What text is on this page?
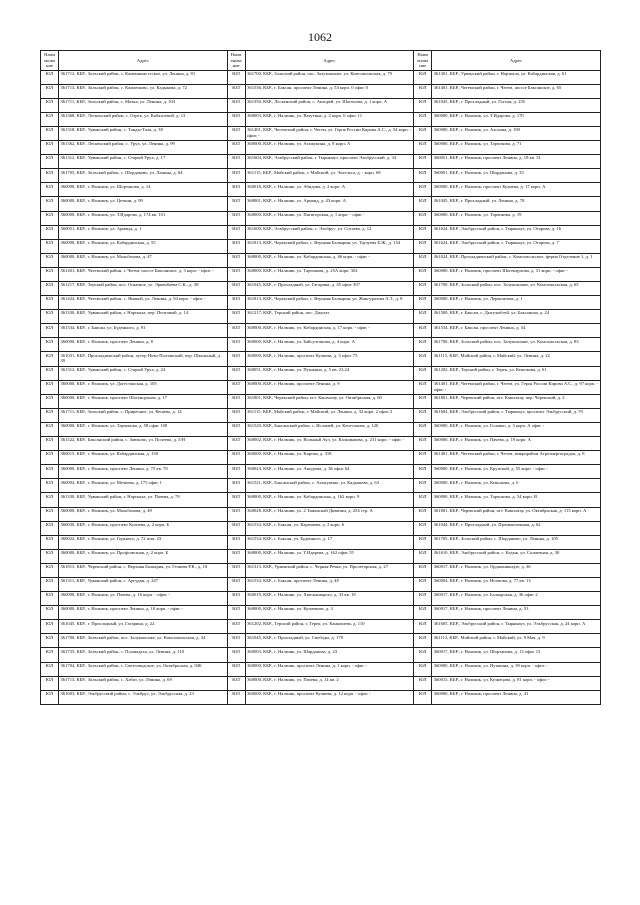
1062
Наим енова ние	Адрес	Наим енова ние	Адрес	Наим енова ние	Адрес
ЮЛ	361712, КБР., Зольский район, с. Каменномостское, ул. Ленина, д. 81	ЮЛ	361700, КБР., Зольский район, пос. Залукокоаже, ул. Комсомольская, д. 79	ЮЛ	361301, КБР., Урванский район, г. Нарткала, ул. Кабардинская, д. 61
ЮЛ	361713, КБР., Зольский район, с. Камлюково, ул. Кадыкова, д. 72	ЮЛ	361536, КБР., г. Баксан, проспект Ленина, д. 54 корп. 0 офис 0	ЮЛ	361401, КБР., Чегемский район, г. Чегем, шоссе Баксанское, д. 65
ЮЛ	361711, КБР., Зольский район, с. Малка, ул. Ленина, д. 104	ЮЛ	361350, КБР., Лескенский район, с. Анзорей, ул. Шогенова, д. 1 корп. А	ЮЛ	361045, КБР., г. Прохладный, ул. Гоголя, д. 235
ЮЛ	361368, КБР., Лескенский район, с. Озрек, ул. Кабалоевой, д. 13	ЮЛ	360003, КБР., г. Нальчик, ул. Ватутина, д. 2 корп. 6 офис 11	ЮЛ	360000, КБР., г. Нальчик, ул. Т.Идарова, д. 170
ЮЛ	361318, КБР., Урванский район, с. Танды-Тала, д. 38	ЮЛ	361401, КБР., Чегемский район, г. Чегем, ул. Героя России Кирова А.С., д. 54 корп. - офис -	ЮЛ	360000, КБР., г. Нальчик, ул. Ахохова, д. 190
ЮЛ	361362, КБР., Лескенский район, с. Урух, ул. Ленина, д. 99	ЮЛ	360000, КБР., г. Нальчик, ул. Атажукина, д. 8 корп. А	ЮЛ	360000, КБР., г. Нальчик, ул. Тарчокова, д. 71
ЮЛ	361312, КБР., Урванский район, с. Старый Урух, д. 17	ЮЛ	361604, КБР., Эльбрусский район, г. Тырныауз, проспект Эльбрусский, д. 34	ЮЛ	360051, КБР., г. Нальчик, проспект Ленина, д. 18 кв. 51
ЮЛ	361705, КБР., Зольский район, с. Шордаково, ул. Ленина, д. 64	ЮЛ	361115, КБР., Майский район, г. Майский, ул. Энгельса, д. - корп. 68	ЮЛ	360001, КБР., г. Нальчик, ул. Шарданова, д. 33
ЮЛ	360000, КБР., г. Нальчик, ул. Шортанова, д. 14	ЮЛ	360016, КБР., г. Нальчик, ул. Абидова, д. 2 корп. А	ЮЛ	360000, КБР., г. Нальчик, проспект Кулиева, д. 17 корп. А
ЮЛ	360000, КБР., г. Нальчик, ул. Цеткин, д. 99	ЮЛ	360001, КБР., г. Нальчик, ул. Арманд, д. 43 корп. А	ЮЛ	361045, КБР., г. Прохладный, ул. Ленина, д. 78
ЮЛ	360000, КБР., г. Нальчик, ул. Т.Идарова, д. 174 кв. 101	ЮЛ	360000, КБР., г. Нальчик, ул. Пятигорская, д. 1 корп. - офис -	ЮЛ	360000, КБР., г. Нальчик, ул. Тарчокова, д. 19
ЮЛ	360051, КБР., г. Нальчик, ул. Арманд, д. 1	ЮЛ	361600, КБР., Эльбрусский район, с. Эльбрус, ул. Согаева, д. 12	ЮЛ	361624, КБР., Эльбрусский район, г. Тырныауз, ул. Отарова, д. 16
ЮЛ	360000, КБР., г. Нальчик, ул. Кабардинская, д. 55	ЮЛ	361813, КБР., Черекский район, с. Верхняя Балкария, ул. Таулуева Б.Ж., д. 154	ЮЛ	361624, КБР., Эльбрусский район, г. Тырныауз, ул. Отарова, д. 7
ЮЛ	360000, КБР., г. Нальчик, ул. Мальбахова, д. 47	ЮЛ	360000, КБР., г. Нальчик, ул. Кабардинская, д. 66 корп. - офис -	ЮЛ	361024, КБР., Прохладненский район, с. Комсомольское, ферма Отделение 1, д. 1
ЮЛ	361401, КБР., Чегемский район, г. Чегем, шоссе Баксанское, д. 3 корп. - офис -	ЮЛ	360000, КБР., г. Нальчик, ул. Тарчокова, д. 25А корп. 302	ЮЛ	360000, КБР., г. Нальчик, проспект Шогенцукова, д. 31 корп. - офис -
ЮЛ	361217, КБР., Терский район, пос. Опытное, ул. Эркенбаева С.К., д. 38	ЮЛ	361045, КБР., г. Прохладный, ул. Гагарина, д. 45 офис 307	ЮЛ	361700, КБР., Зольский район, пос. Залукокоаже, ул. Комсомольская, д. 65
ЮЛ	361424, КБР., Чегемский район, с. Яникой, ул. Ленина, д. 94 корп. - офис -	ЮЛ	361813, КБР., Черекский район, с. Верхняя Балкария, ул. Жангуразова А.Т., д. 8	ЮЛ	360000, КБР., г. Нальчик, ул. Лермонтова, д. 1
ЮЛ	361330, КБР., Урванский район, г. Нарткала, пер. Почтовый, д. 14	ЮЛ	361217, КБР., Терский район, пос. Джулат	ЮЛ	361500, КБР., г. Баксан, с. Дыгулыбгей, ул. Баксанова, д. 24
ЮЛ	361534, КБР., г. Баксан, ул. Буденного, д. 91	ЮЛ	360000, КБР., г. Нальчик, ул. Кабардинская, д. 17 корп. - офис -	ЮЛ	361534, КБР., г. Баксан, проспект Ленина, д. 54
ЮЛ	360000, КБР., г. Нальчик, проспект Ленина, д. 8	ЮЛ	360000, КБР., г. Нальчик, ул. Байсултанова, д. 4 корп. А	ЮЛ	361700, КБР., Зольский район, пос. Залукокоаже, ул. Комсомольская, д. 83
ЮЛ	361031, КБР., Прохладненский район, хутор Ново-Полтавский, пер. Школьный, д. 39	ЮЛ	360000, КБР., г. Нальчик, проспект Кулиева, д. 3 офис 75	ЮЛ	361115, КБР., Майский район, г. Майский, ул. Ленина, д. 22
ЮЛ	361312, КБР., Урванский район, с. Старый Урух, д. 24	ЮЛ	360051, КБР., г. Нальчик, ул. Пушкина, д. 5 кв. 23,24	ЮЛ	361202, КБР., Терский район, г. Терек, ул. Кешокова, д. 61
ЮЛ	360000, КБР., г. Нальчик, ул. Дагестанская, д. 105	ЮЛ	360000, КБР., г. Нальчик, проспект Ленина, д. 9	ЮЛ	361401, КБР., Чегемский район, г. Чегем, ул. Героя России Кирова А.С., д. 97 корп. - офис -
ЮЛ	360000, КБР., г. Нальчик, проспект Шогенцукова, д. 17	ЮЛ	361801, КБР., Черекский район, пгт. Кашхатау, ул. Октябрьская, д. 60	ЮЛ	361801, КБР., Черекский район, пгт. Кашхатау, пер. Черекский, д. 2
ЮЛ	361711, КБР., Зольский район, с. Приречное, ул. Кешева, д. 14	ЮЛ	361115, КБР., Майский район, г. Майский, ул. Ленина, д. 32 корп. 2 офис 2	ЮЛ	361604, КБР., Эльбрусский район, г. Тырныауз, проспект Эльбрусский, д. 70
ЮЛ	360000, КБР., г. Нальчик, ул. Тарчокова, д. 58 офис 100	ЮЛ	361520, КБР., Баксанский район, с. Исламей, ул. Кочесокова, д. 120	ЮЛ	360000, КБР., г. Нальчик, ул. Головко, д. 3 корп. А офис -
ЮЛ	361522, КБР., Баксанский район, с. Заюково, ул. Полеева, д. 5/Н	ЮЛ	360002, КБР., г. Нальчик, ул. Вольный Аул, ул. Кальмыкова, д. 231 корп. - офис -	ЮЛ	360000, КБР., г. Нальчик, ул. Пачева, д. 19 корп. А
ЮЛ	360015, КБР., г. Нальчик, ул. Кабардинская, д. 158	ЮЛ	360000, КБР., г. Нальчик, ул. Кирова, д. 318	ЮЛ	361401, КБР., Чегемский район, г. Чегем, микрорайон Агроэнергоградок, д. 8
ЮЛ	360000, КБР., г. Нальчик, проспект Ленина, д. 75 кв. 78	ЮЛ	360024, КБР., г. Нальчик, ул. Ашурова, д. 36 офис 64	ЮЛ	360000, КБР., г. Нальчик, ул. Крупской, д. 55 корп. - офис -
ЮЛ	360004, КБР., г. Нальчик, ул. Мечиева, д. 175 офис 1	ЮЛ	361521, КБР., Баксанский район, с. Атажукино, ул. Кадышева, д. 63	ЮЛ	360000, КБР., г. Нальчик, ул. Кешокова, д. 6
ЮЛ	361330, КБР., Урванский район, г. Нарткала, ул. Пачева, д. 78	ЮЛ	360000, КБР., г. Нальчик, ул. Кабардинская, д. 162 корп. 9	ЮЛ	360000, КБР., г. Нальчик, ул. Тарчокова, д. 54 корп. В
ЮЛ	360000, КБР., г. Нальчик, ул. Мальбахова, д. 49	ЮЛ	360028, КБР., г. Нальчик, ул. 2 Таманской Дивизии, д. 254 стр. А	ЮЛ	361801, КБР., Черекский район, пгт. Кашхатау, ул. Октябрьская, д. 113 корп. А
ЮЛ	360030, КБР., г. Нальчик, проспект Кулиева, д. 2 корп. Б	ЮЛ	361534, КБР., г. Баксан, ул. Карачаева, д. 2 корп. 6	ЮЛ	361044, КБР., г. Прохладный, ул. Промышленная, д. 62
ЮЛ	360022, КБР., г. Нальчик, ул. Горького, д. 72 пом. 23	ЮЛ	361534, КБР., г. Баксан, ул. Буденного, д. 17	ЮЛ	361705, КБР., Зольский район, с. Шордаково, ул. Ленина, д. 105
ЮЛ	360000, КБР., г. Нальчик, ул. Профсоюзная, д. 2 корп. Б	ЮЛ	360000, КБР., г. Нальчик, ул. Т.Идарова, д. 162 офис 55	ЮЛ	361610, КБР., Эльбрусский район, с. Бедык, ул. Солнечная, д. 30
ЮЛ	361813, КБР., Черекский район, с. Верхняя Балкария, ул. Геляева Р.К., д. 18	ЮЛ	361313, КБР., Урванский район, с. Черная Речка, ул. Пролетарская, д. 27	ЮЛ	360017, КБР., г. Нальчик, ул. Орджоникидзе, д. 36
ЮЛ	361311, КБР., Урванский район, с. Аргудан, д. 247	ЮЛ	361534, КБР., г. Баксан, проспект Ленина, д. 48	ЮЛ	360004, КБР., г. Нальчик, ул. Ногмова, д. 77 кв. 13
ЮЛ	360000, КБР., г. Нальчик, ул. Пачева, д. 16 корп. - офис -	ЮЛ	360019, КБР., г. Нальчик, ул. Хмельницкого, д. 33 кв. 18	ЮЛ	360017, КБР., г. Нальчик, ул. Балкарская, д. 36 офис 2
ЮЛ	360000, КБР., г. Нальчик, проспект Ленина, д. 10 корп. - офис -	ЮЛ	360000, КБР., г. Нальчик, ул. Кулиевова, д. 3	ЮЛ	360017, КБР., г. Нальчик, проспект Ленина, д. 53
ЮЛ	361045, КБР., г. Прохладный, ул. Гагарина, д. 22	ЮЛ	361202, КБР., Терский район, г. Терек, ул. Канкошева, д. 110	ЮЛ	361605, КБР., Эльбрусский район, г. Тырныауз, ул. Эльбрусская, д. 24 корп. А
ЮЛ	361700, КБР., Зольский район, пос. Залукокоаже, ул. Комсомольская, д. 34	ЮЛ	361045, КБР., г. Прохладный, ул. Свободы, д. 178	ЮЛ	361112, КБР., Майский район, г. Майский, ул. 9 Мая, д. 9
ЮЛ	361725, КБР., Зольский район, с. Псынадаха, ул. Ленина, д. 110	ЮЛ	360003, КБР., г. Нальчик, ул. Шарданова, д. 23	ЮЛ	360017, КБР., г. Нальчик, ул. Шортанова, д. 13 офис 13
ЮЛ	361704, КБР., Зольский район, с. Светловодское, ул. Октябрьская, д. 94Б	ЮЛ	360000, КБР., г. Нальчик, проспект Ленина, д. 1 корп. - офис -	ЮЛ	360000, КБР., г. Нальчик, ул. Пушкина, д. 39 корп. - офис -
ЮЛ	361713, КБР., Зольский район, с. Хабаз, ул. Ленина, д. 69	ЮЛ	360000, КБР., г. Нальчик, ул. Пачева, д. 14 кв. 2	ЮЛ	360015, КБР., г. Нальчик, ул. Кузнецова, д. 81 корп. - офис -
ЮЛ	361603, КБР., Эльбрусский район, с. Эльбрус, ул. Эльбрусская, д. 23	ЮЛ	360000, КБР., г. Нальчик, проспект Кулиева, д. 12 корп. - офис -	ЮЛ	360000, КБР., г. Нальчик, проспект Ленина, д. 41
